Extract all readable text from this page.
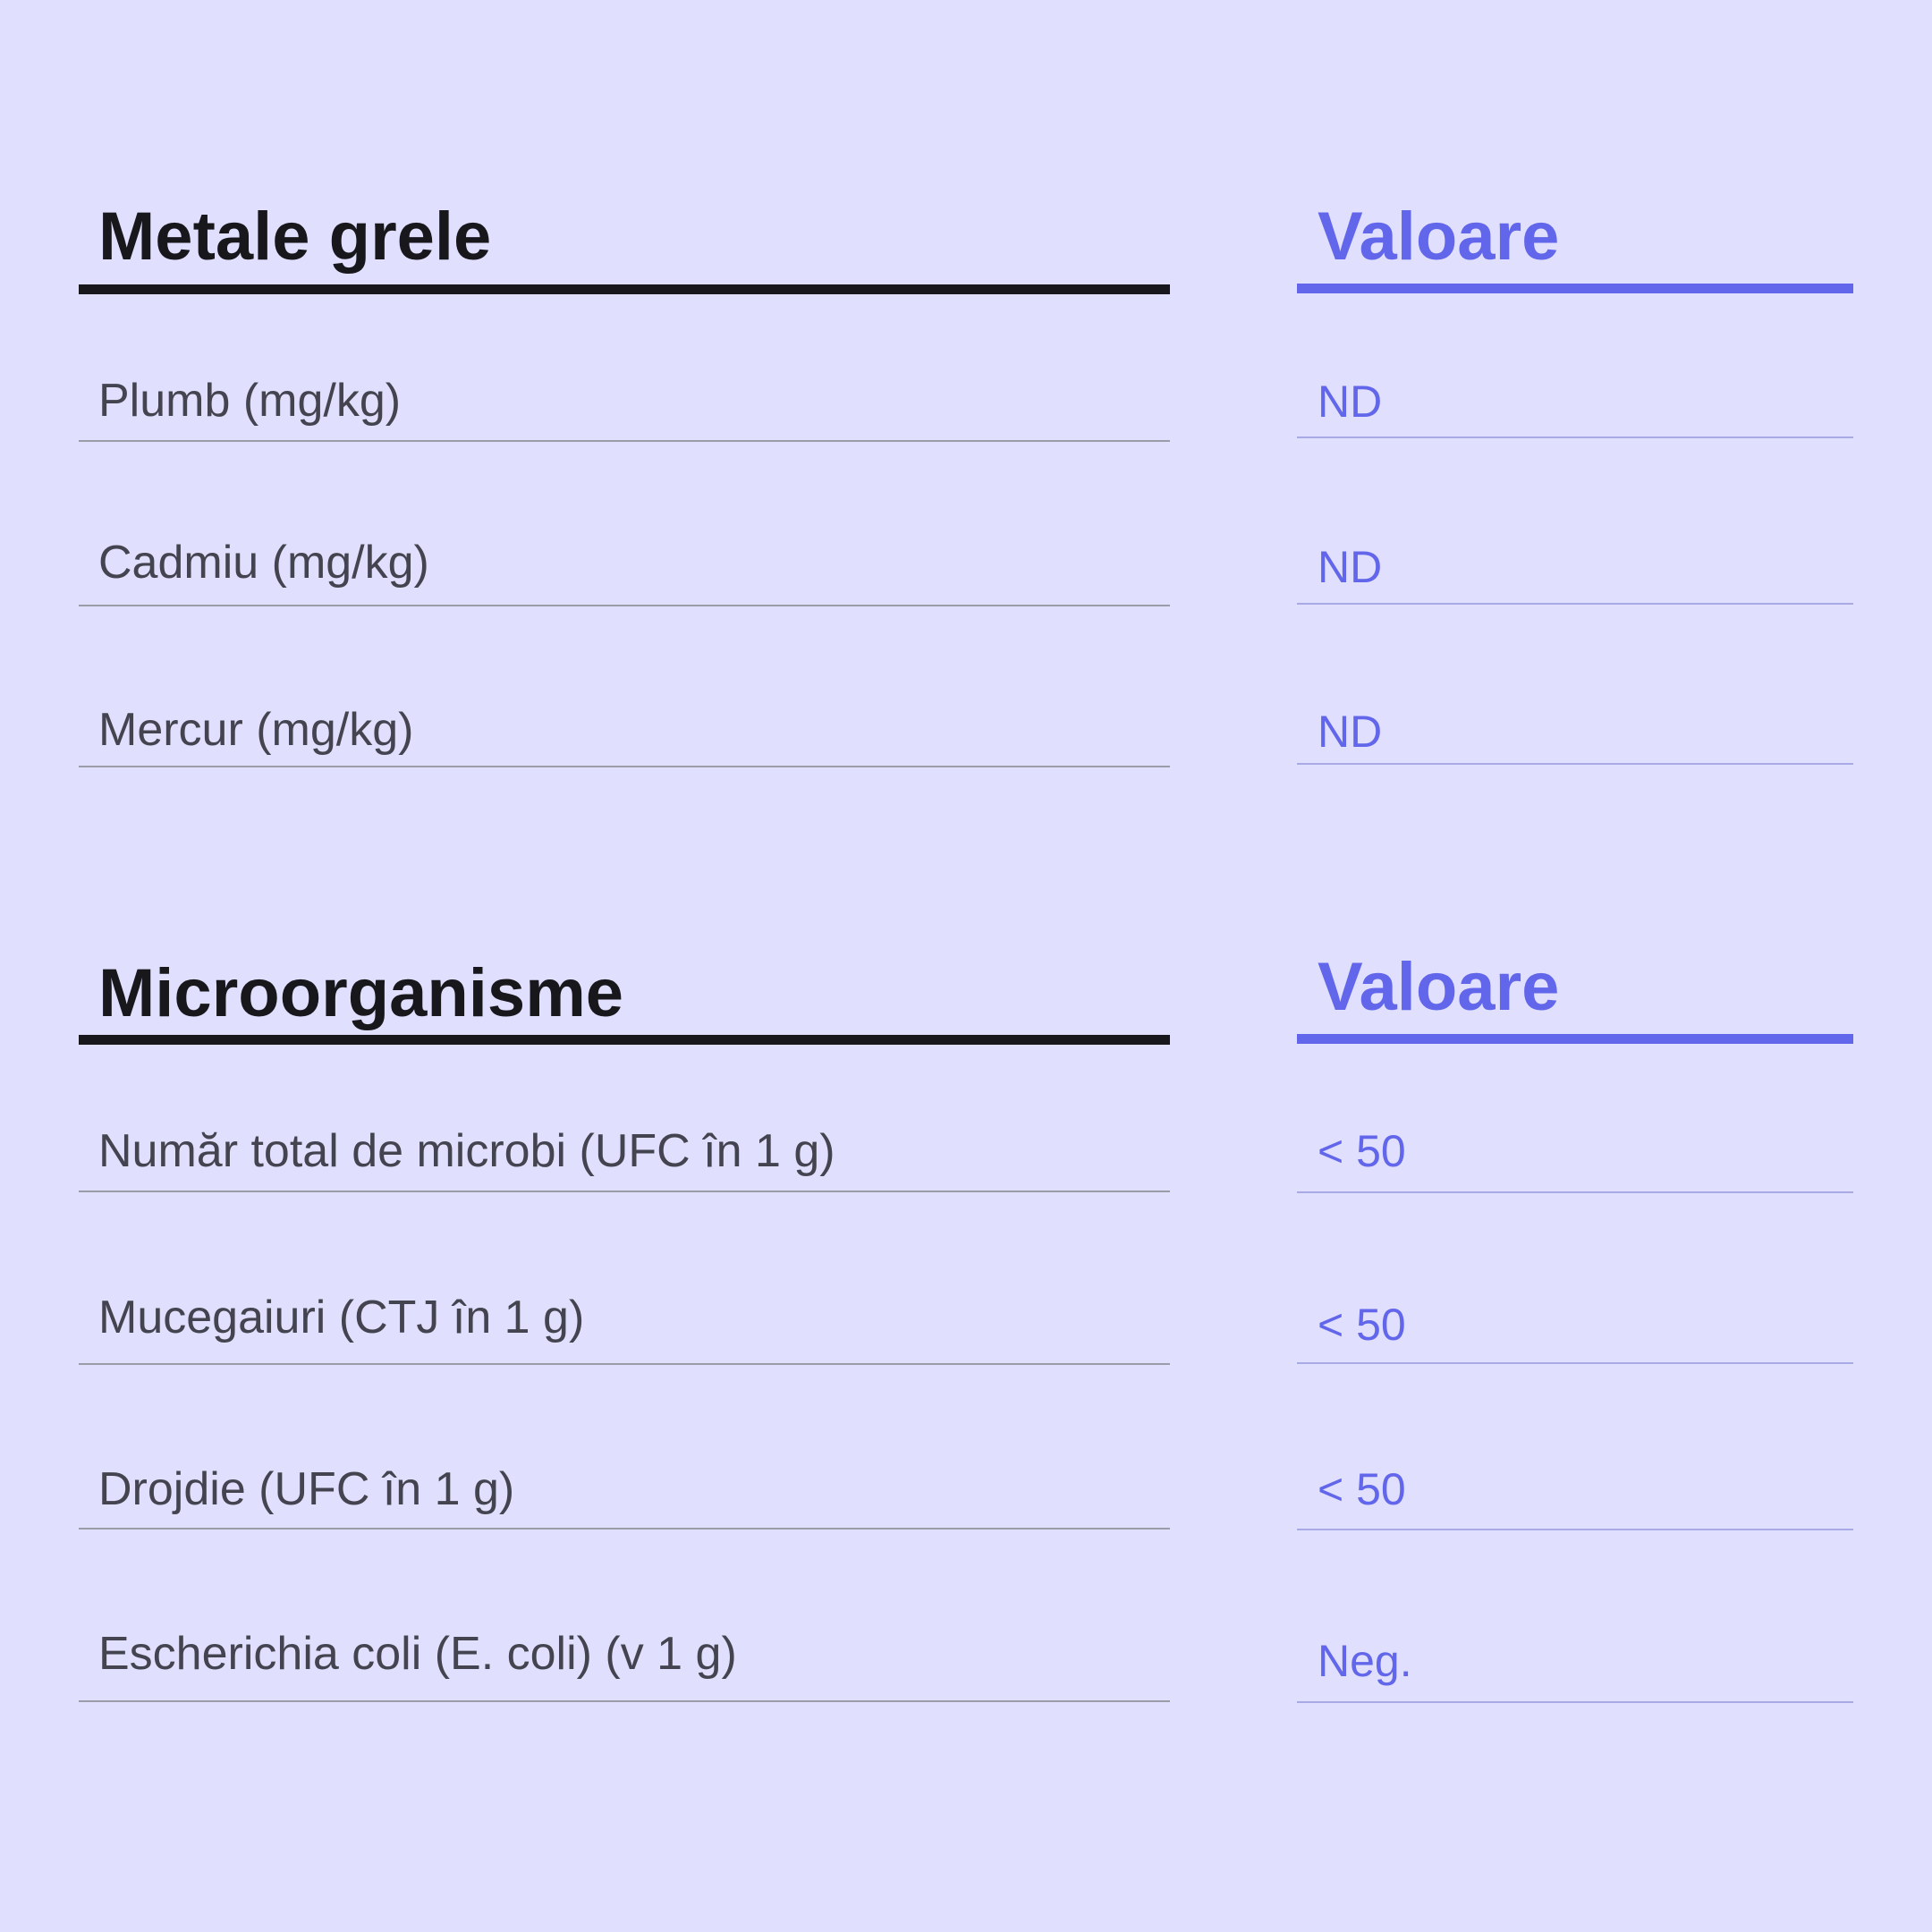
Metale grele	Valoare
Plumb (mg/kg)	ND
Cadmiu (mg/kg)	ND
Mercur (mg/kg)	ND
Microorganisme	Valoare
Număr total de microbi (UFC în 1 g)	< 50
Mucegaiuri (CTJ în 1 g)	< 50
Drojdie (UFC în 1 g)	< 50
Escherichia coli (E. coli) (v 1 g)	Neg.
